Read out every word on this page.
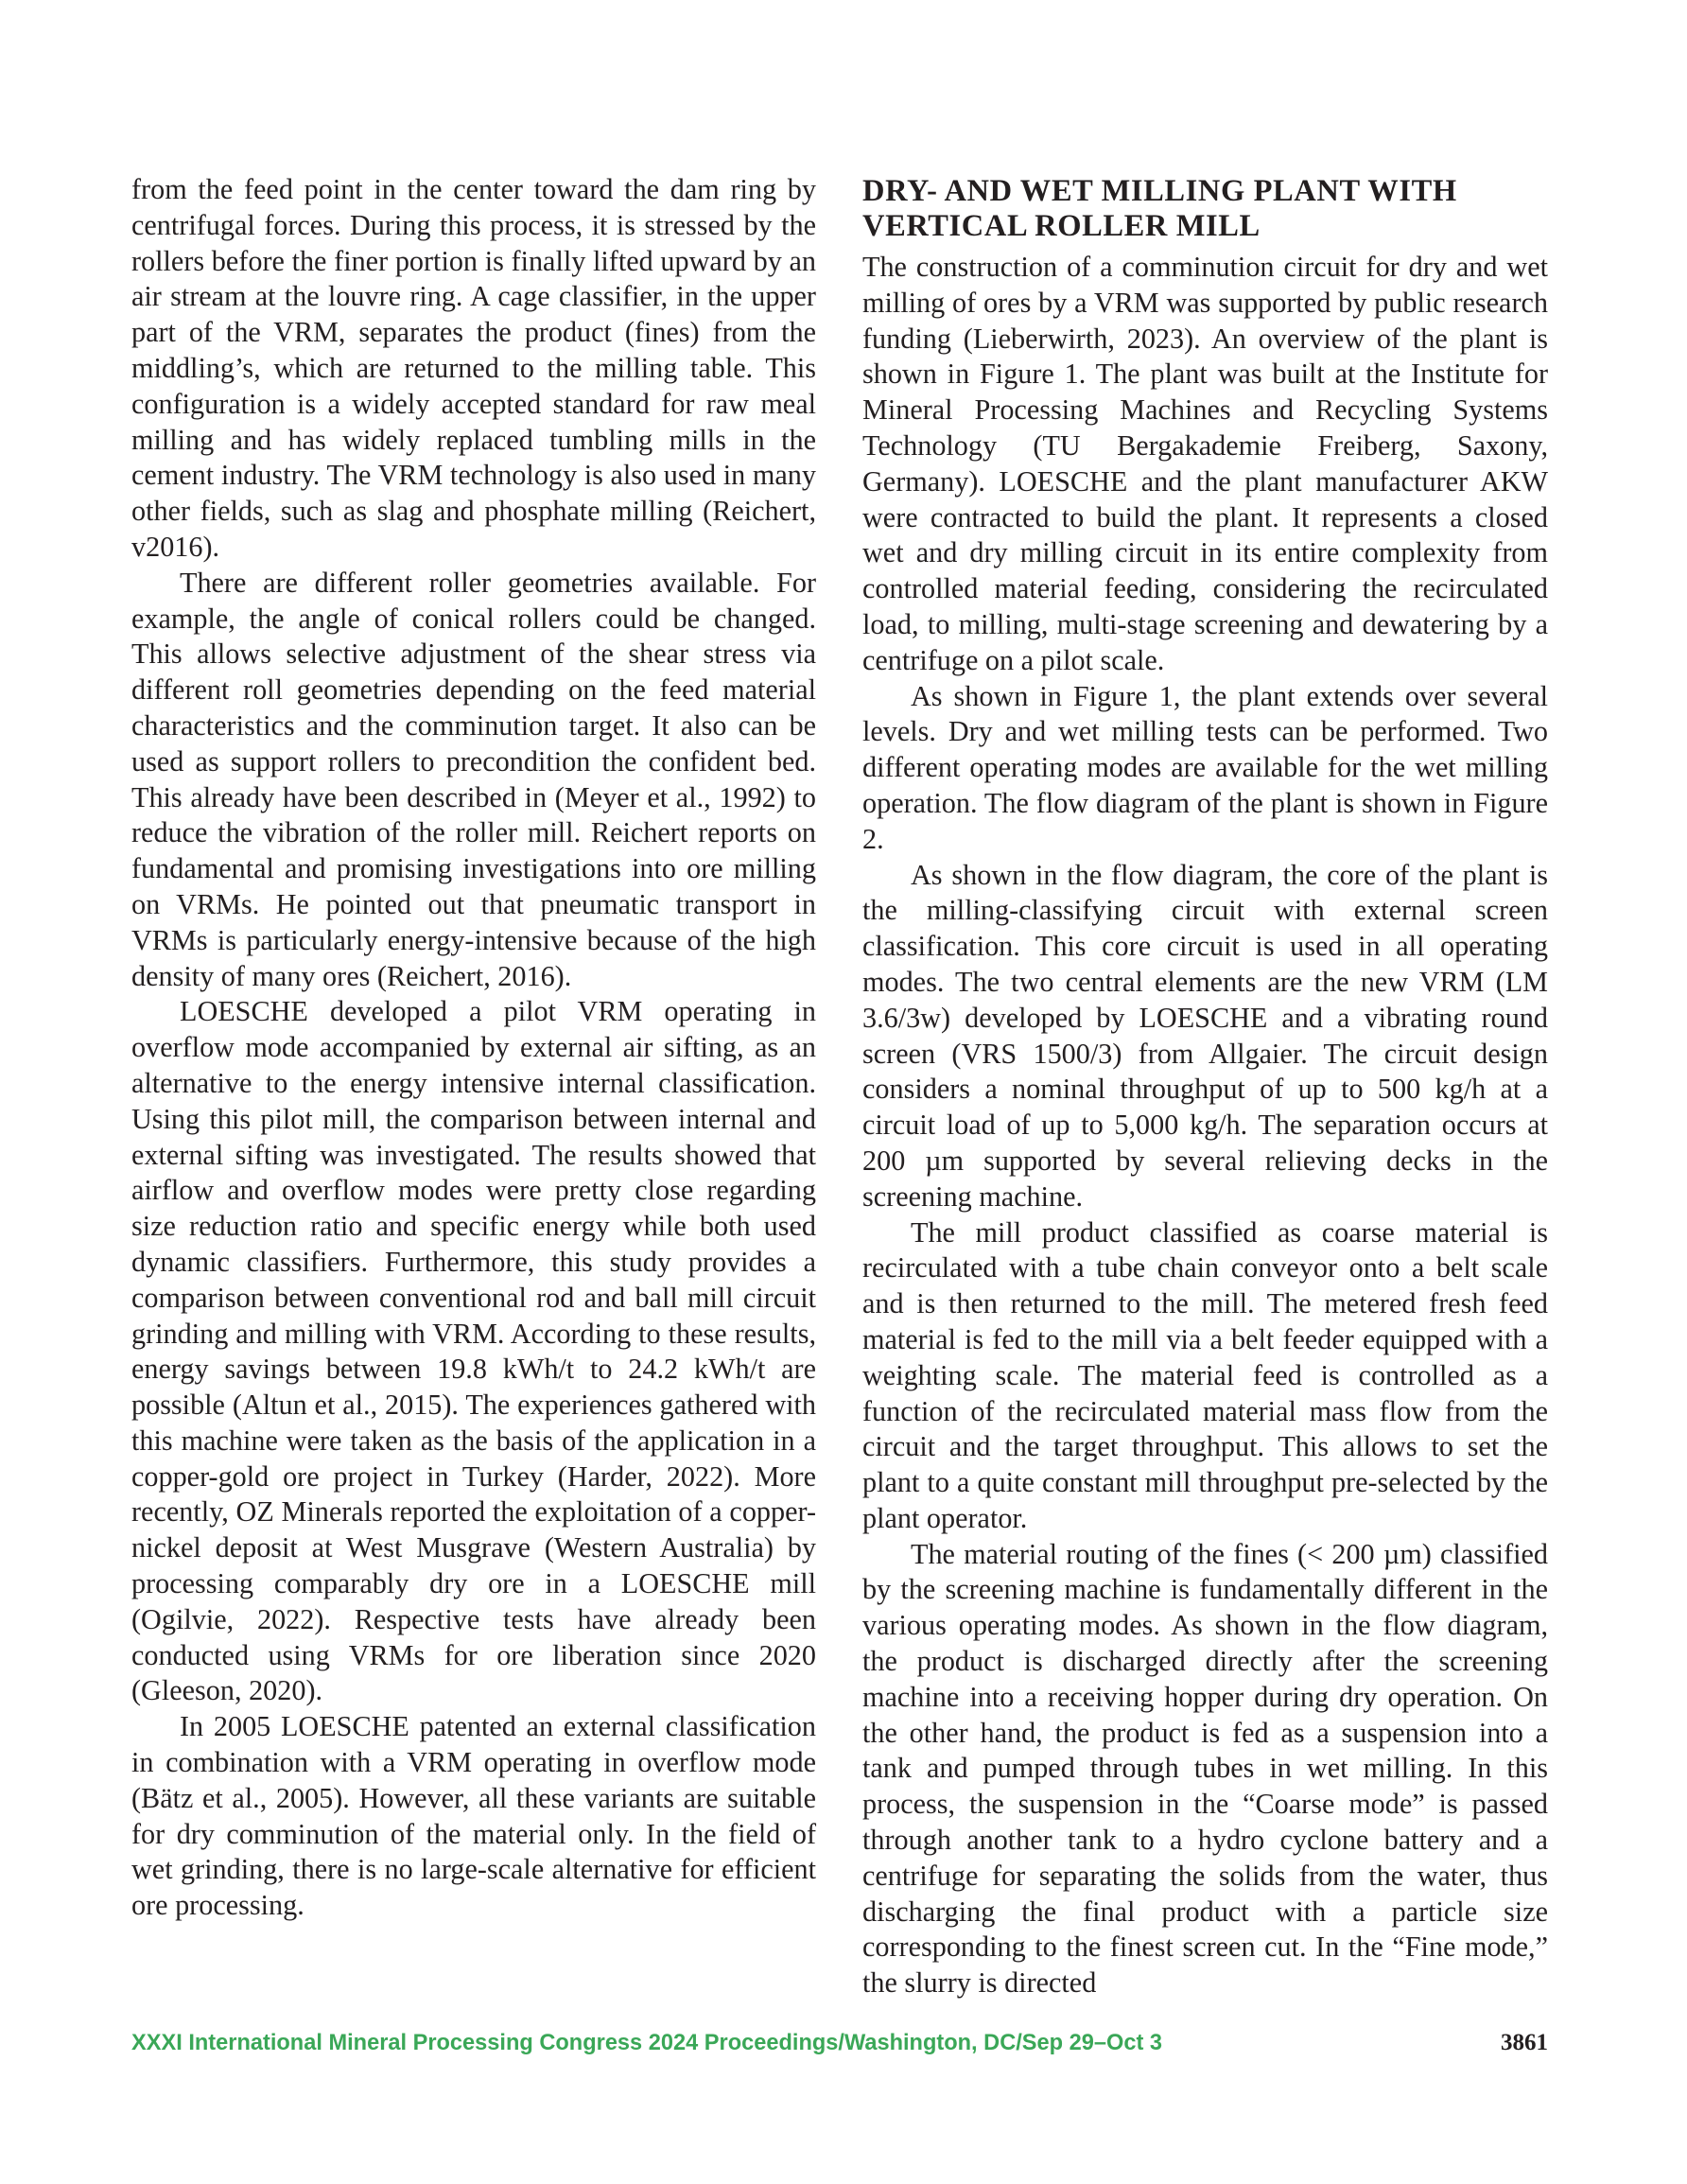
from the feed point in the center toward the dam ring by centrifugal forces. During this process, it is stressed by the rollers before the finer portion is finally lifted upward by an air stream at the louvre ring. A cage classifier, in the upper part of the VRM, separates the product (fines) from the middling’s, which are returned to the milling table. This configuration is a widely accepted standard for raw meal milling and has widely replaced tumbling mills in the cement industry. The VRM technology is also used in many other fields, such as slag and phosphate milling (Reichert, v2016).

There are different roller geometries available. For example, the angle of conical rollers could be changed. This allows selective adjustment of the shear stress via different roll geometries depending on the feed material characteristics and the comminution target. It also can be used as support rollers to precondition the confident bed. This already have been described in (Meyer et al., 1992) to reduce the vibration of the roller mill. Reichert reports on fundamental and promising investigations into ore milling on VRMs. He pointed out that pneumatic transport in VRMs is particularly energy-intensive because of the high density of many ores (Reichert, 2016).

LOESCHE developed a pilot VRM operating in overflow mode accompanied by external air sifting, as an alternative to the energy intensive internal classification. Using this pilot mill, the comparison between internal and external sifting was investigated. The results showed that airflow and overflow modes were pretty close regarding size reduction ratio and specific energy while both used dynamic classifiers. Furthermore, this study provides a comparison between conventional rod and ball mill circuit grinding and milling with VRM. According to these results, energy savings between 19.8 kWh/t to 24.2 kWh/t are possible (Altun et al., 2015). The experiences gathered with this machine were taken as the basis of the application in a copper-gold ore project in Turkey (Harder, 2022). More recently, OZ Minerals reported the exploitation of a copper-nickel deposit at West Musgrave (Western Australia) by processing comparably dry ore in a LOESCHE mill (Ogilvie, 2022). Respective tests have already been conducted using VRMs for ore liberation since 2020 (Gleeson, 2020).

In 2005 LOESCHE patented an external classification in combination with a VRM operating in overflow mode (Bätz et al., 2005). However, all these variants are suitable for dry comminution of the material only. In the field of wet grinding, there is no large-scale alternative for efficient ore processing.

DRY- AND WET MILLING PLANT WITH VERTICAL ROLLER MILL

The construction of a comminution circuit for dry and wet milling of ores by a VRM was supported by public research funding (Lieberwirth, 2023). An overview of the plant is shown in Figure 1. The plant was built at the Institute for Mineral Processing Machines and Recycling Systems Technology (TU Bergakademie Freiberg, Saxony, Germany). LOESCHE and the plant manufacturer AKW were contracted to build the plant. It represents a closed wet and dry milling circuit in its entire complexity from controlled material feeding, considering the recirculated load, to milling, multi-stage screening and dewatering by a centrifuge on a pilot scale.

As shown in Figure 1, the plant extends over several levels. Dry and wet milling tests can be performed. Two different operating modes are available for the wet milling operation. The flow diagram of the plant is shown in Figure 2.

As shown in the flow diagram, the core of the plant is the milling-classifying circuit with external screen classification. This core circuit is used in all operating modes. The two central elements are the new VRM (LM 3.6/3w) developed by LOESCHE and a vibrating round screen (VRS 1500/3) from Allgaier. The circuit design considers a nominal throughput of up to 500 kg/h at a circuit load of up to 5,000 kg/h. The separation occurs at 200 µm supported by several relieving decks in the screening machine.

The mill product classified as coarse material is recirculated with a tube chain conveyor onto a belt scale and is then returned to the mill. The metered fresh feed material is fed to the mill via a belt feeder equipped with a weighting scale. The material feed is controlled as a function of the recirculated material mass flow from the circuit and the target throughput. This allows to set the plant to a quite constant mill throughput pre-selected by the plant operator.

The material routing of the fines (< 200 µm) classified by the screening machine is fundamentally different in the various operating modes. As shown in the flow diagram, the product is discharged directly after the screening machine into a receiving hopper during dry operation. On the other hand, the product is fed as a suspension into a tank and pumped through tubes in wet milling. In this process, the suspension in the “Coarse mode” is passed through another tank to a hydro cyclone battery and a centrifuge for separating the solids from the water, thus discharging the final product with a particle size corresponding to the finest screen cut. In the “Fine mode,” the slurry is directed

XXXI International Mineral Processing Congress 2024 Proceedings/Washington, DC/Sep 29–Oct 3	3861
